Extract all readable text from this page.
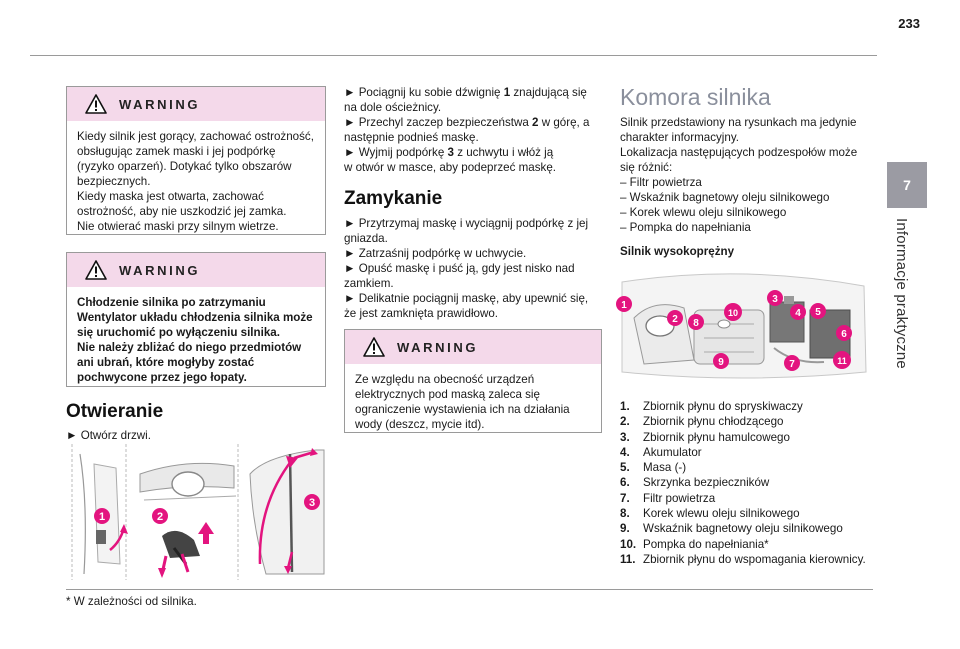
233
7
Informacje praktyczne
WARNING
Kiedy silnik jest gorący, zachować ostrożność, obsługując zamek maski i jej podpórkę (ryzyko oparzeń). Dotykać tylko obszarów bezpiecznych.
Kiedy maska jest otwarta, zachować ostrożność, aby nie uszkodzić jej zamka.
Nie otwierać maski przy silnym wietrze.
WARNING
Chłodzenie silnika po zatrzymaniu Wentylator układu chłodzenia silnika może się uruchomić po wyłączeniu silnika.
Nie należy zbliżać do niego przedmiotów ani ubrań, które mogłyby zostać pochwycone przez jego łopaty.
Otwieranie
► Otwórz drzwi.
1	2
3
* W zależności od silnika.
► Pociągnij ku sobie dźwignię 1 znajdującą się na dole ościeżnicy.
► Przechyl zaczep bezpieczeństwa 2 w górę, a następnie podnieś maskę.
► Wyjmij podpórkę 3 z uchwytu i włóż ją
w otwór w masce, aby podeprzeć maskę.
Zamykanie
► Przytrzymaj maskę i wyciągnij podpórkę z jej gniazda.
► Zatrzaśnij podpórkę w uchwycie.
► Opuść maskę i puść ją, gdy jest nisko nad zamkiem.
► Delikatnie pociągnij maskę, aby upewnić się, że jest zamknięta prawidłowo.
WARNING
Ze względu na obecność urządzeń elektrycznych pod maską zaleca się ograniczenie wystawienia ich na działania wody (deszcz, mycie itd).
Komora silnika
Silnik przedstawiony na rysunkach ma jedynie charakter informacyjny.
Lokalizacja następujących podzespołów może się różnić:
– Filtr powietrza
– Wskaźnik bagnetowy oleju silnikowego
– Korek wlewu oleju silnikowego
– Pompka do napełniania
Silnik wysokoprężny
1
2
3
4 5
6
7
8
9
10
11
1.	Zbiornik płynu do spryskiwaczy
2.	Zbiornik płynu chłodzącego
3.	Zbiornik płynu hamulcowego
4.	Akumulator
5.	Masa (-)
6.	Skrzynka bezpieczników
7.	Filtr powietrza
8.	Korek wlewu oleju silnikowego
9.	Wskaźnik bagnetowy oleju silnikowego
10. Pompka do napełniania*
11. Zbiornik płynu do wspomagania kierownicy.
